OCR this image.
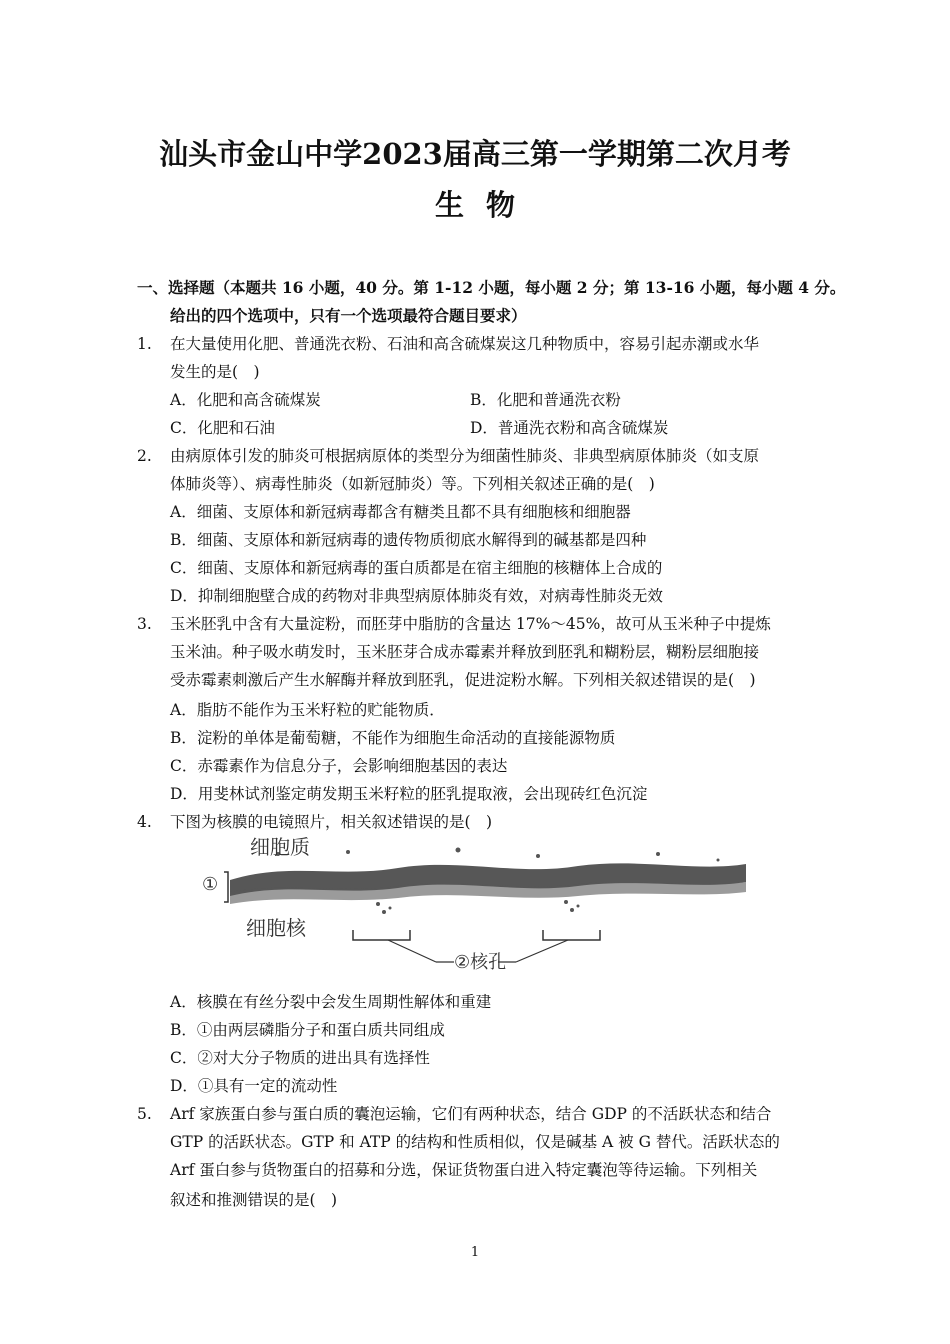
汕头市金山中学2023届高三第一学期第二次月考
生物
一、选择题（本题共 16 小题，40 分。第 1-12 小题，每小题 2 分；第 13-16 小题，每小题 4 分。
给出的四个选项中，只有一个选项最符合题目要求）
1. 在大量使用化肥、普通洗衣粉、石油和高含硫煤炭这几种物质中，容易引起赤潮或水华
发生的是(　)
A．化肥和高含硫煤炭	B．化肥和普通洗衣粉
C．化肥和石油	D．普通洗衣粉和高含硫煤炭
2. 由病原体引发的肺炎可根据病原体的类型分为细菌性肺炎、非典型病原体肺炎（如支原
体肺炎等）、病毒性肺炎（如新冠肺炎）等。下列相关叙述正确的是(　)
A．细菌、支原体和新冠病毒都含有糖类且都不具有细胞核和细胞器
B．细菌、支原体和新冠病毒的遗传物质彻底水解得到的碱基都是四种
C．细菌、支原体和新冠病毒的蛋白质都是在宿主细胞的核糖体上合成的
D．抑制细胞壁合成的药物对非典型病原体肺炎有效，对病毒性肺炎无效
3. 玉米胚乳中含有大量淀粉，而胚芽中脂肪的含量达 17%～45%，故可从玉米种子中提炼
玉米油。种子吸水萌发时，玉米胚芽合成赤霉素并释放到胚乳和糊粉层，糊粉层细胞接
受赤霉素刺激后产生水解酶并释放到胚乳，促进淀粉水解。下列相关叙述错误的是(　)
A．脂肪不能作为玉米籽粒的贮能物质．
B．淀粉的单体是葡萄糖，不能作为细胞生命活动的直接能源物质
C．赤霉素作为信息分子，会影响细胞基因的表达
D．用斐林试剂鉴定萌发期玉米籽粒的胚乳提取液，会出现砖红色沉淀
4. 下图为核膜的电镜照片，相关叙述错误的是(　)
细胞质
细胞核
①
②核孔
A．核膜在有丝分裂中会发生周期性解体和重建
B．①由两层磷脂分子和蛋白质共同组成
C．②对大分子物质的进出具有选择性
D．①具有一定的流动性
5. Arf 家族蛋白参与蛋白质的囊泡运输，它们有两种状态，结合 GDP 的不活跃状态和结合
GTP 的活跃状态。GTP 和 ATP 的结构和性质相似，仅是碱基 A 被 G 替代。活跃状态的
Arf 蛋白参与货物蛋白的招募和分选，保证货物蛋白进入特定囊泡等待运输。下列相关
叙述和推测错误的是(　)
1
